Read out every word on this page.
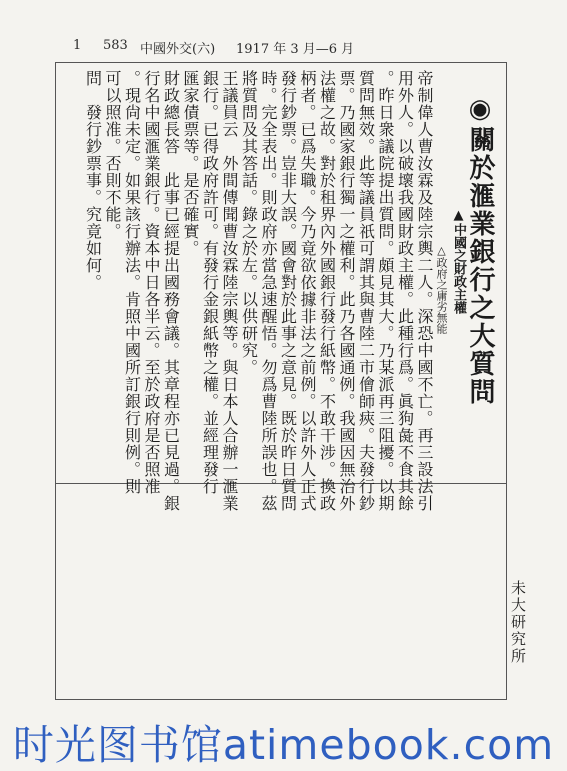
1 583 中國外交(六) 1917 年 3 月—6 月
◉關於滙業銀行之大質問
▲中國之財政主權
△政府之庸劣無能
帝制偉人曹汝霖及陸宗輿二人。深恐中國不亡。再三設法引
用外人。以破壞我國財政主權。此種行爲。眞狗彘不食其餘
。昨日衆議院提出質問。頗見其大。乃某派再三阻擾。以期
質問無效。此等議員祇可謂其與曹陸二市儈師㾜。夫發行鈔
票。乃國家銀行獨一之權利。此乃各國通例。我國因無治外
法權之故。對於租界內外國銀行發行紙幣。不敢干涉。換政
柄者。已爲失職。今乃竟欲依據非法之前例。以許外人正式
發行鈔票。豈非大誤。國會對於此事之意見。既於昨日質問
時。完全表出。則政府亦當急速醒悟。勿爲曹陸所誤也。茲
將質問及其答話。錄之於左。以供研究。
王議員云　外間傳聞曹汝霖陸宗輿等。與日本人合辦一滙業
銀行。已得政府許可。有發行金銀紙幣之權。並經理發行
匯家債票等。是否確實。
財政總長答　此事已經提出國務會議。其章程亦已見過。銀
行名中國滙業銀行。資本中日各半云。至於政府是否照准
。現尙未定。如果該行辦法。肯照中國所訂銀行則例。則
可以照准。否則不能。
問　發行鈔票事。究竟如何。
未大研究所
时光图书馆atimebook.com
